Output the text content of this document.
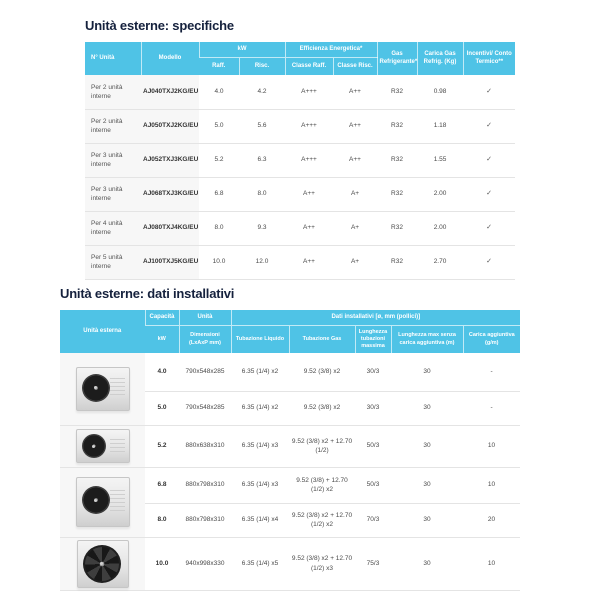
Unità esterne: specifiche
N° Unità	Modello	kW		Efficienza Energetica*		Gas Refrigerante*	Carica Gas Refrig. (Kg)	Incentivi/ Conto Termico**
		Raff.	Risc.	Classe Raff.	Classe Risc.			
Per 2 unità interne	AJ040TXJ2KG/EU	4.0	4.2	A+++	A++	R32	0.98	✓
Per 2 unità interne	AJ050TXJ2KG/EU	5.0	5.6	A+++	A++	R32	1.18	✓
Per 3 unità interne	AJ052TXJ3KG/EU	5.2	6.3	A+++	A++	R32	1.55	✓
Per 3 unità interne	AJ068TXJ3KG/EU	6.8	8.0	A++	A+	R32	2.00	✓
Per 4 unità interne	AJ080TXJ4KG/EU	8.0	9.3	A++	A+	R32	2.00	✓
Per 5 unità interne	AJ100TXJ5KG/EU	10.0	12.0	A++	A+	R32	2.70	✓
Unità esterne: dati installativi
Unità esterna	Capacità	Unità	Dati installativi [ø, mm (pollici)]				
	kW	Dimensioni (LxAxP mm)	Tubazione Liquido	Tubazione Gas	Lunghezza tubazioni massima	Lunghezza max senza carica aggiuntiva (m)	Carica aggiuntiva (g/m)

	4.0	790x548x285	6.35 (1/4) x2	9.52 (3/8) x2	30/3	30	-
	5.0	790x548x285	6.35 (1/4) x2	9.52 (3/8) x2	30/3	30	-

	5.2	880x638x310	6.35 (1/4) x3	9.52 (3/8) x2 + 12.70 (1/2)	50/3	30	10

	6.8	880x798x310	6.35 (1/4) x3	9.52 (3/8) + 12.70 (1/2) x2	50/3	30	10
	8.0	880x798x310	6.35 (1/4) x4	9.52 (3/8) x2 + 12.70 (1/2) x2	70/3	30	20

	10.0	940x998x330	6.35 (1/4) x5	9.52 (3/8) x2 + 12.70 (1/2) x3	75/3	30	10
